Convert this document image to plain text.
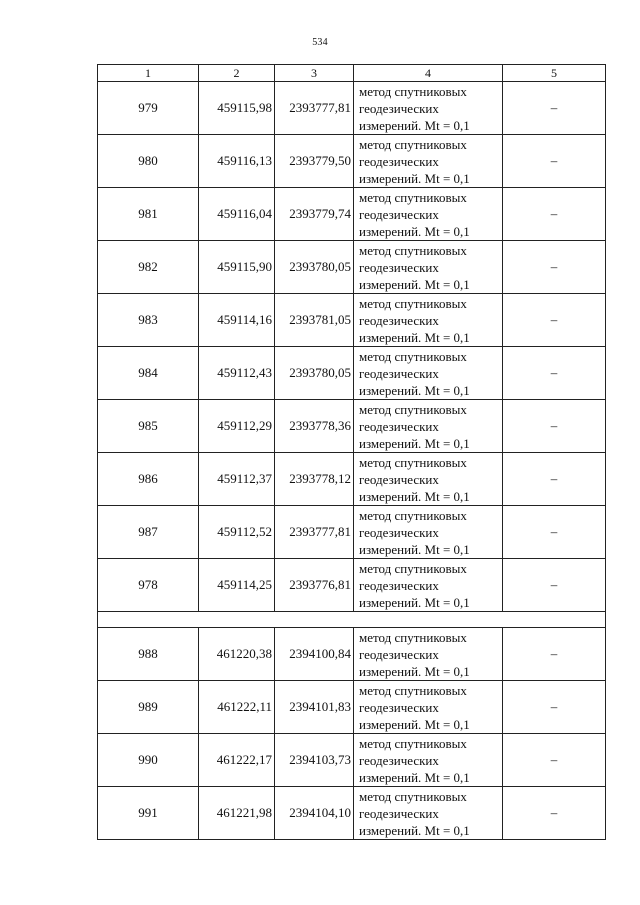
534
1	2	3	4	5
979	459115,98	2393777,81	метод спутниковых геодезических измерений. Mt = 0,1	–
980	459116,13	2393779,50	метод спутниковых геодезических измерений. Mt = 0,1	–
981	459116,04	2393779,74	метод спутниковых геодезических измерений. Mt = 0,1	–
982	459115,90	2393780,05	метод спутниковых геодезических измерений. Mt = 0,1	–
983	459114,16	2393781,05	метод спутниковых геодезических измерений. Mt = 0,1	–
984	459112,43	2393780,05	метод спутниковых геодезических измерений. Mt = 0,1	–
985	459112,29	2393778,36	метод спутниковых геодезических измерений. Mt = 0,1	–
986	459112,37	2393778,12	метод спутниковых геодезических измерений. Mt = 0,1	–
987	459112,52	2393777,81	метод спутниковых геодезических измерений. Mt = 0,1	–
978	459114,25	2393776,81	метод спутниковых геодезических измерений. Mt = 0,1	–

988	461220,38	2394100,84	метод спутниковых геодезических измерений. Mt = 0,1	–
989	461222,11	2394101,83	метод спутниковых геодезических измерений. Mt = 0,1	–
990	461222,17	2394103,73	метод спутниковых геодезических измерений. Mt = 0,1	–
991	461221,98	2394104,10	метод спутниковых геодезических измерений. Mt = 0,1	–
